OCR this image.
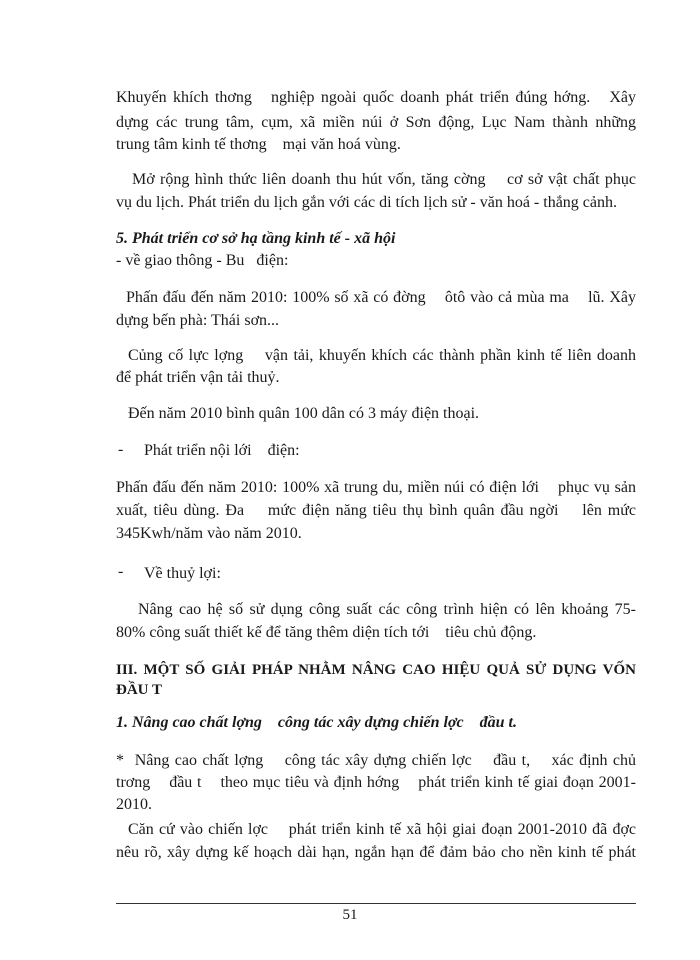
Khuyến khích thơng   nghiệp ngoài quốc doanh phát triển đúng hớng.   Xây
dựng các trung tâm, cụm, xã miền núi ở Sơn động, Lục Nam thành những
trung tâm kinh tế thơng    mại văn hoá vùng.
Mở rộng hình thức liên doanh thu hút vốn, tăng cờng    cơ sở vật chất phục
vụ du lịch. Phát triển du lịch gắn với các di tích lịch sử - văn hoá - thắng cảnh.
5. Phát triển cơ sở hạ tầng kinh tế - xã hội
- về giao thông - Bu   điện:
Phấn đấu đến năm 2010: 100% số xã có đờng    ôtô vào cả mùa ma    lũ. Xây
dựng bến phà: Thái sơn...
Củng cố lực lợng    vận tải, khuyến khích các thành phần kinh tế liên doanh
để phát triển vận tải thuỷ.
Đến năm 2010 bình quân 100 dân có 3 máy điện thoại.
- Phát triển nội lới    điện:
Phấn đấu đến năm 2010: 100% xã trung du, miền núi có điện lới    phục vụ sản
xuất, tiêu dùng. Đa    mức điện năng tiêu thụ bình quân đầu ngời    lên mức
345Kwh/năm vào năm 2010.
- Về thuỷ lợi:
Nâng cao hệ số sử dụng công suất các công trình hiện có lên khoảng 75-
80% công suất thiết kế để tăng thêm diện tích tới    tiêu chủ động.
III. MỘT SỐ GIẢI PHÁP NHẰM NÂNG CAO HIỆU QUẢ SỬ DỤNG VỐN
ĐẦU T
1. Nâng cao chất lợng    công tác xây dựng chiến lợc    đầu t.
*  Nâng cao chất lợng    công tác xây dựng chiến lợc    đầu t,    xác định chủ
trơng    đầu t    theo mục tiêu và định hớng    phát triển kinh tế giai đoạn 2001-
2010.
Căn cứ vào chiến lợc    phát triển kinh tế xã hội giai đoạn 2001-2010 đã đợc
nêu rõ, xây dựng kế hoạch dài hạn, ngắn hạn để đảm bảo cho nền kinh tế phát
51
